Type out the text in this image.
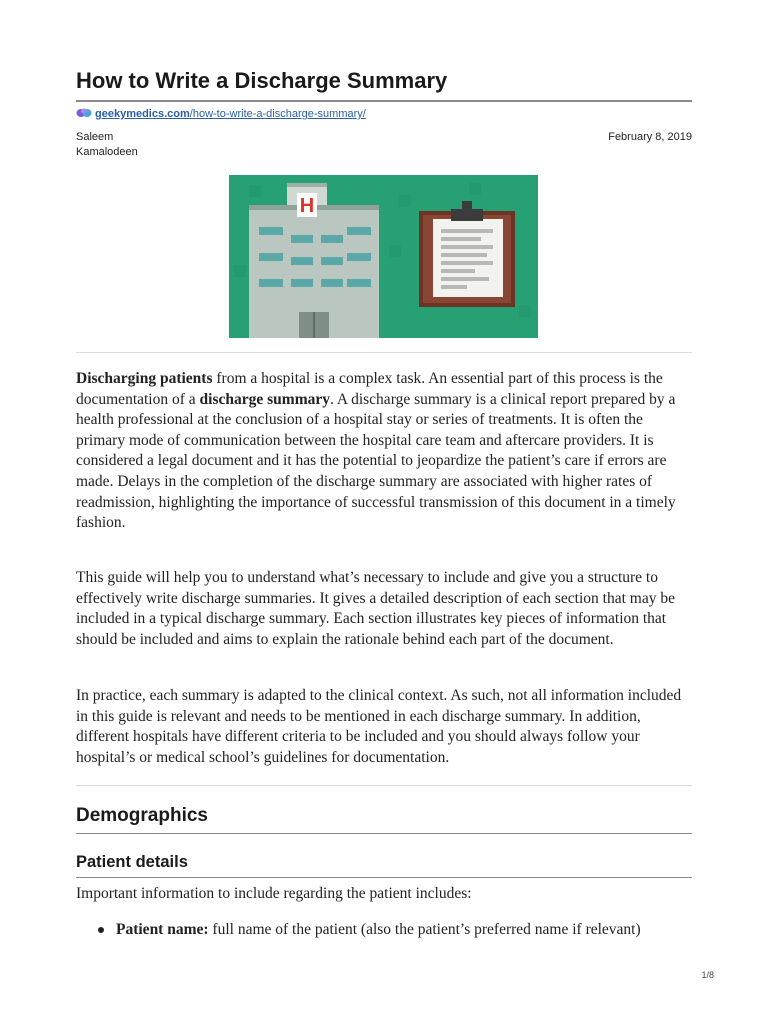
How to Write a Discharge Summary
geekymedics.com/how-to-write-a-discharge-summary/
Saleem Kamalodeen
February 8, 2019
H

Discharging patients from a hospital is a complex task. An essential part of this process is the documentation of a discharge summary. A discharge summary is a clinical report prepared by a health professional at the conclusion of a hospital stay or series of treatments. It is often the primary mode of communication between the hospital care team and aftercare providers. It is considered a legal document and it has the potential to jeopardize the patient’s care if errors are made. Delays in the completion of the discharge summary are associated with higher rates of readmission, highlighting the importance of successful transmission of this document in a timely fashion.

This guide will help you to understand what’s necessary to include and give you a structure to effectively write discharge summaries. It gives a detailed description of each section that may be included in a typical discharge summary. Each section illustrates key pieces of information that should be included and aims to explain the rationale behind each part of the document.

In practice, each summary is adapted to the clinical context. As such, not all information included in this guide is relevant and needs to be mentioned in each discharge summary. In addition, different hospitals have different criteria to be included and you should always follow your hospital’s or medical school’s guidelines for documentation.

Demographics
Patient details

Important information to include regarding the patient includes:

Patient name: full name of the patient (also the patient’s preferred name if relevant)
1/8
